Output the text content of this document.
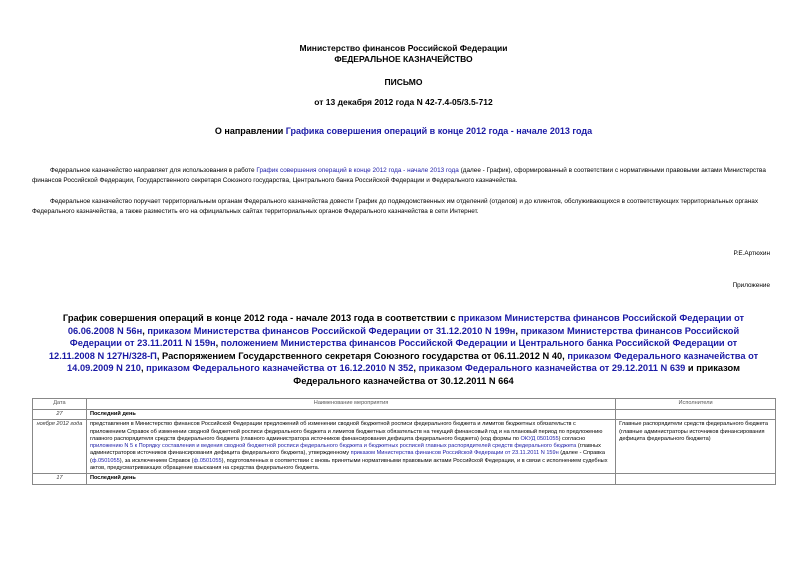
Министерство финансов Российской Федерации
ФЕДЕРАЛЬНОЕ КАЗНАЧЕЙСТВО
ПИСЬМО
от 13 декабря 2012 года N 42-7.4-05/3.5-712
О направлении Графика совершения операций в конце 2012 года - начале 2013 года
Федеральное казначейство направляет для использования в работе График совершения операций в конце 2012 года - начале 2013 года (далее - График), сформированный в соответствии с нормативными правовыми актами Министерства финансов Российской Федерации, Государственного секретаря Союзного государства, Центрального банка Российской Федерации и Федерального казначейства.
Федеральное казначейство поручает территориальным органам Федерального казначейства довести График до подведомственных им отделений (отделов) и до клиентов, обслуживающихся в соответствующих территориальных органах Федерального казначейства, а также разместить его на официальных сайтах территориальных органов Федерального казначейства в сети Интернет.
Р.Е.Артюхин
Приложение
График совершения операций в конце 2012 года - начале 2013 года в соответствии с приказом Министерства финансов Российской Федерации от 06.06.2008 N 56н, приказом Министерства финансов Российской Федерации от 31.12.2010 N 199н, приказом Министерства финансов Российской Федерации от 23.11.2011 N 159н, положением Министерства финансов Российской Федерации и Центрального банка Российской Федерации от 12.11.2008 N 127Н/328-П, Распоряжением Государственного секретаря Союзного государства от 06.11.2012 N 40, приказом Федерального казначейства от 14.09.2009 N 210, приказом Федерального казначейства от 16.12.2010 N 352, приказом Федерального казначейства от 29.12.2011 N 639 и приказом Федерального казначейства от 30.12.2011 N 664
Дата	Наименование мероприятия	Исполнители
27	Последний день	
ноября 2012 года	представления в Министерство финансов Российской Федерации предложений об изменении сводной бюджетной росписи федерального бюджета и лимитов бюджетных обязательств с приложением Справок об изменении сводной бюджетной росписи федерального бюджета и лимитов бюджетных обязательств на текущий финансовый год и на плановый период по предложению главного распорядителя средств федерального бюджета (главного администратора источников финансирования дефицита федерального бюджета) (код формы по ОКУД 0501055) согласно приложению N 5 к Порядку составления и ведения сводной бюджетной росписи федерального бюджета и бюджетных росписей главных распорядителей средств федерального бюджета (главных администраторов источников финансирования дефицита федерального бюджета), утвержденному приказом Министерства финансов Российской Федерации от 23.11.2011 N 159н (далее - Справка (ф.0501055), за исключением Справок (ф.0501055), подготовленных в соответствии с вновь принятыми нормативными правовыми актами Российской Федерации, и в связи с исполнением судебных актов, предусматривающих обращение взыскания на средства федерального бюджета.	Главные распорядители средств федерального бюджета (главные администраторы источников финансирования дефицита федерального бюджета)
17	Последний день	
